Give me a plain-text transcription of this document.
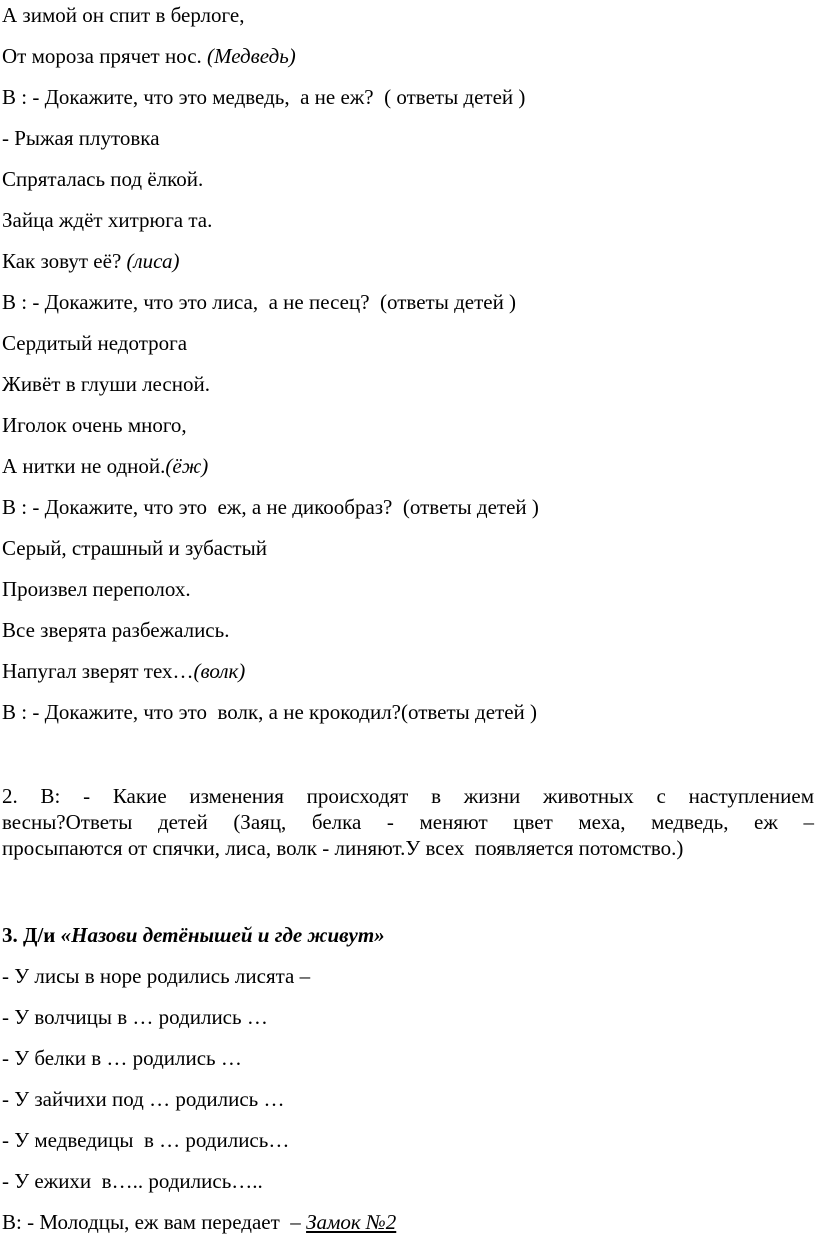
А зимой он спит в берлоге,
От мороза прячет нос. (Медведь)
В : - Докажите, что это медведь,  а не еж?  ( ответы детей )
- Рыжая плутовка
Спряталась под ёлкой.
Зайца ждёт хитрюга та.
Как зовут её? (лиса)
В : - Докажите, что это лиса,  а не песец?  (ответы детей )
Сердитый недотрога
Живёт в глуши лесной.
Иголок очень много,
А нитки не одной.(ёж)
В : - Докажите, что это  еж, а не дикообраз?  (ответы детей )
Серый, страшный и зубастый
Произвел переполох.
Все зверята разбежались.
Напугал зверят тех…(волк)
В : - Докажите, что это  волк, а не крокодил?(ответы детей )
2. В: - Какие изменения происходят в жизни животных с наступлением
весны?Ответы детей (Заяц, белка - меняют цвет меха, медведь, еж –
просыпаются от спячки, лиса, волк - линяют.У всех  появляется потомство.)
3. Д/и «Назови детёнышей и где живут»
- У лисы в норе родились лисята –
- У волчицы в … родились …
- У белки в … родились …
- У зайчихи под … родились …
- У медведицы  в … родились…
- У ежихи  в….. родились…..
В: - Молодцы, еж вам передает  – Замок №2
